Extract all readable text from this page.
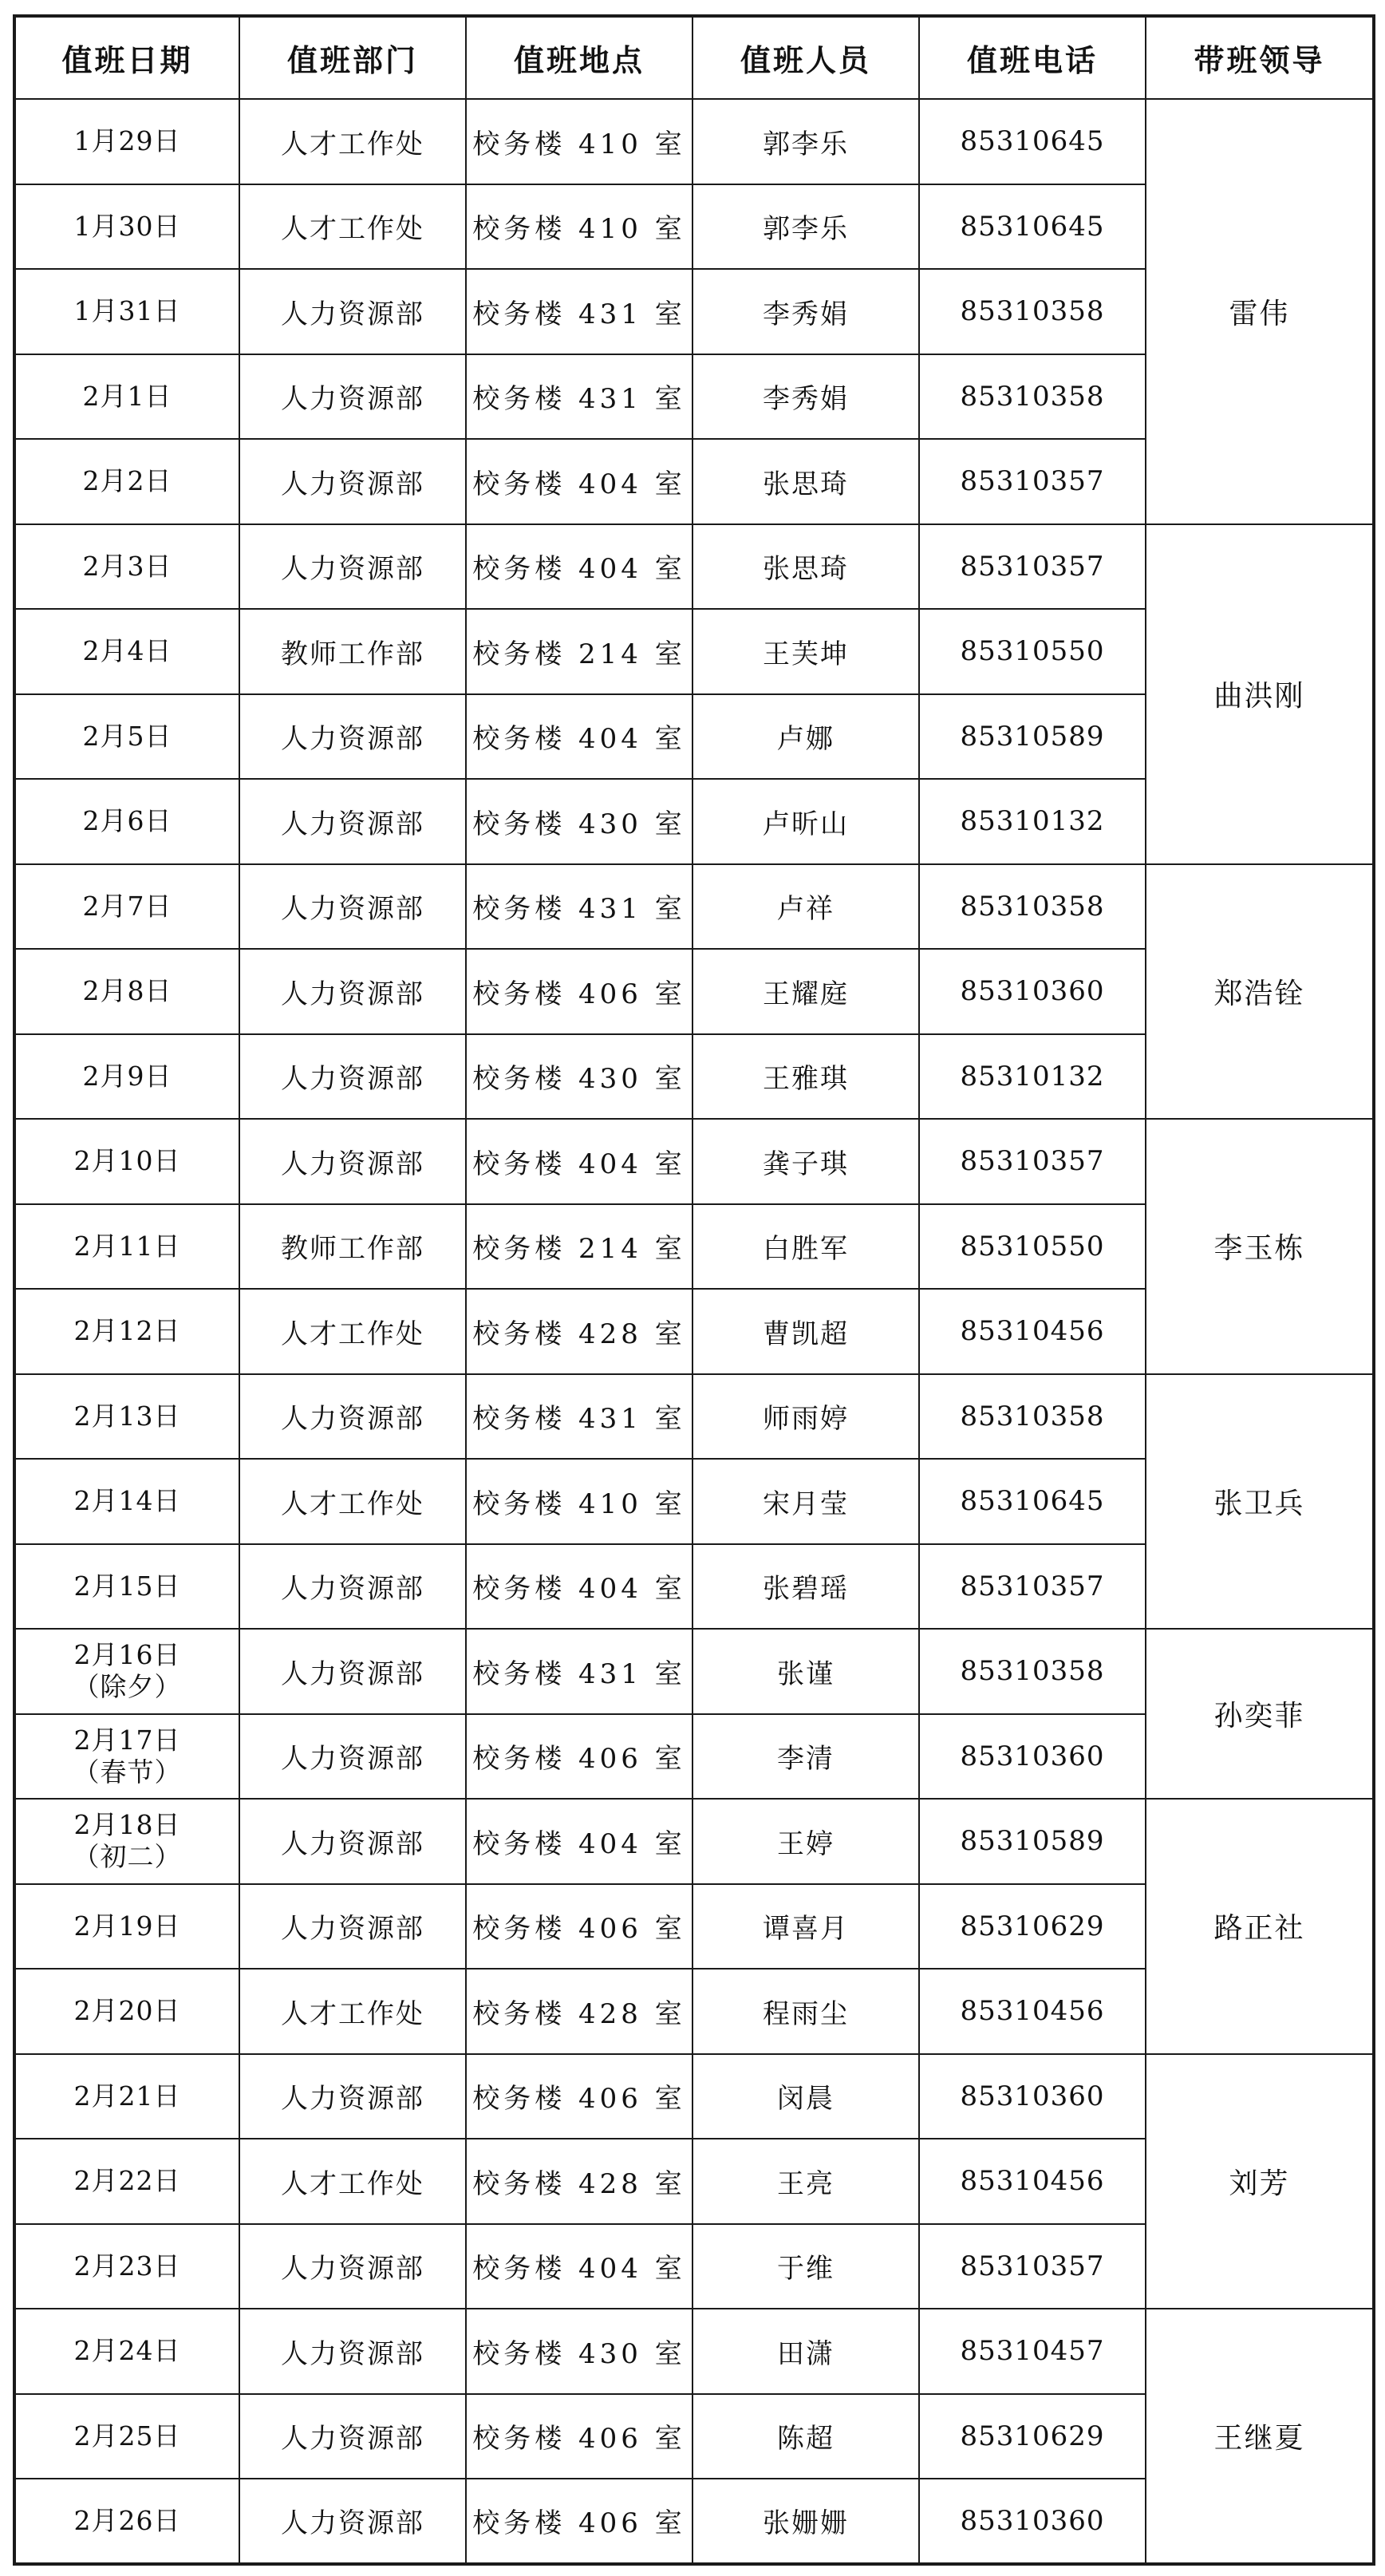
值班日期	值班部门	值班地点	值班人员	值班电话	带班领导

1月29日	人才工作处	校务楼 410 室	郭李乐	85310645	雷伟

1月30日	人才工作处	校务楼 410 室	郭李乐	85310645	

1月31日	人力资源部	校务楼 431 室	李秀娟	85310358	

2月1日	人力资源部	校务楼 431 室	李秀娟	85310358	

2月2日	人力资源部	校务楼 404 室	张思琦	85310357	

2月3日	人力资源部	校务楼 404 室	张思琦	85310357	曲洪刚

2月4日	教师工作部	校务楼 214 室	王芙坤	85310550	

2月5日	人力资源部	校务楼 404 室	卢娜	85310589	

2月6日	人力资源部	校务楼 430 室	卢昕山	85310132	

2月7日	人力资源部	校务楼 431 室	卢祥	85310358	郑浩铨

2月8日	人力资源部	校务楼 406 室	王耀庭	85310360	

2月9日	人力资源部	校务楼 430 室	王雅琪	85310132	

2月10日	人力资源部	校务楼 404 室	龚子琪	85310357	李玉栋

2月11日	教师工作部	校务楼 214 室	白胜军	85310550	

2月12日	人才工作处	校务楼 428 室	曹凯超	85310456	

2月13日	人力资源部	校务楼 431 室	师雨婷	85310358	张卫兵

2月14日	人才工作处	校务楼 410 室	宋月莹	85310645	

2月15日	人力资源部	校务楼 404 室	张碧瑶	85310357	

2月16日
（除夕）	人力资源部	校务楼 431 室	张谨	85310358	孙奕菲

2月17日
（春节）	人力资源部	校务楼 406 室	李清	85310360	

2月18日
（初二）	人力资源部	校务楼 404 室	王婷	85310589	路正社

2月19日	人力资源部	校务楼 406 室	谭喜月	85310629	

2月20日	人才工作处	校务楼 428 室	程雨尘	85310456	

2月21日	人力资源部	校务楼 406 室	闵晨	85310360	刘芳

2月22日	人才工作处	校务楼 428 室	王亮	85310456	

2月23日	人力资源部	校务楼 404 室	于维	85310357	

2月24日	人力资源部	校务楼 430 室	田潇	85310457	王继夏

2月25日	人力资源部	校务楼 406 室	陈超	85310629	

2月26日	人力资源部	校务楼 406 室	张姗姗	85310360	
